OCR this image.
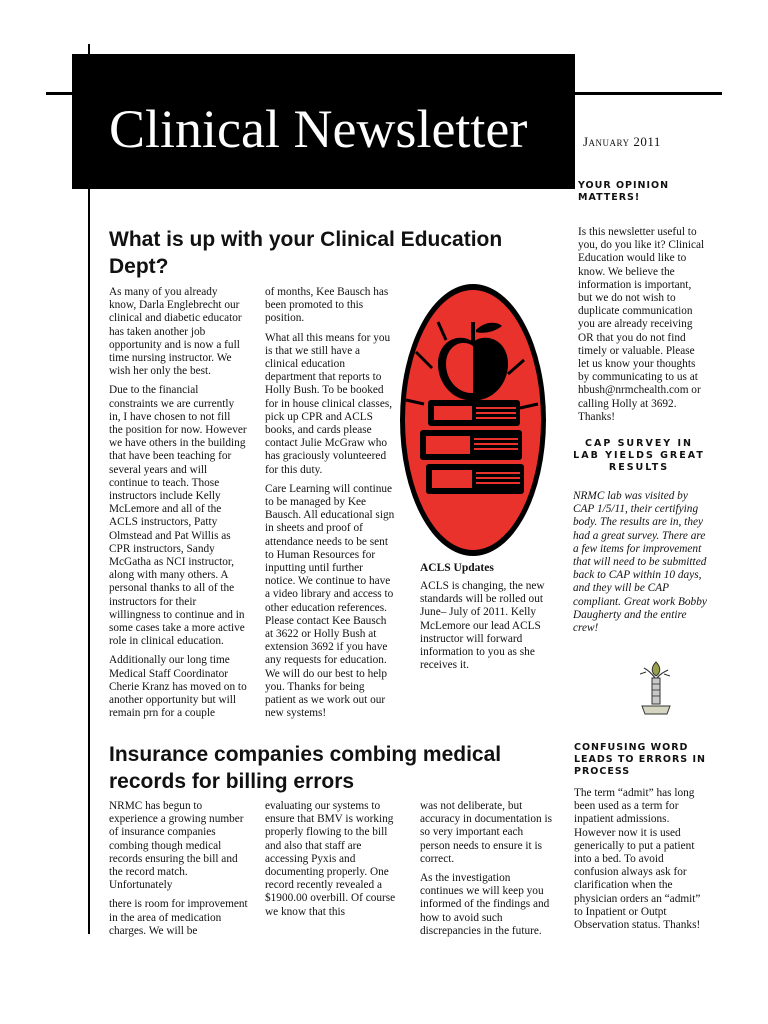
Clinical Newsletter	January 2011
What is up with your Clinical Education Dept?

As many of you already know, Darla Englebrecht our clinical and diabetic educator has taken another job opportunity and is now a full time nursing instructor. We wish her only the best.

Due to the financial constraints we are currently in, I have chosen to not fill the position for now. However we have others in the building that have been teaching for several years and will continue to teach. Those instructors include Kelly McLemore and all of the ACLS instructors, Patty Olmstead and Pat Willis as CPR instructors, Sandy McGatha as NCI instructor, along with many others. A personal thanks to all of the instructors for their willingness to continue and in some cases take a more active role in clinical education.

Additionally our long time Medical Staff Coordinator Cherie Kranz has moved on to another opportunity but will remain prn for a couple

of months, Kee Bausch has been promoted to this position.

What all this means for you is that we still have a clinical education department that reports to Holly Bush. To be booked for in house clinical classes, pick up CPR and ACLS books, and cards please contact Julie McGraw who has graciously volunteered for this duty.

Care Learning will continue to be managed by Kee Bausch. All educational sign in sheets and proof of attendance needs to be sent to Human Resources for inputting until further notice. We continue to have a video library and access to other education references. Please contact Kee Bausch at 3622 or Holly Bush at extension 3692 if you have any requests for education. We will do our best to help you. Thanks for being patient as we work out our new systems!

ACLS Updates
ACLS is changing, the new standards will be rolled out June– July of 2011. Kelly McLemore our lead ACLS instructor will forward information to you as she receives it.
Insurance companies combing medical records for billing errors

NRMC has begun to experience a growing number of insurance companies combing though medical records ensuring the bill and the record match. Unfortunately

there is room for improvement in the area of medication charges. We will be

evaluating our systems to ensure that BMV is working properly flowing to the bill and also that staff are accessing Pyxis and documenting properly. One record recently revealed a $1900.00 overbill. Of course we know that this

was not deliberate, but accuracy in documentation is so very important each person needs to ensure it is correct.

As the investigation continues we will keep you informed of the findings and how to avoid such discrepancies in the future.

YOUR OPINION MATTERS!
Is this newsletter useful to you, do you like it? Clinical Education would like to know. We believe the information is important, but we do not wish to duplicate communication you are already receiving OR that you do not find timely or valuable. Please let us know your thoughts by communicating to us at hbush@nrmchealth.com or calling Holly at 3692. Thanks!
CAP SURVEY IN LAB YIELDS GREAT RESULTS
NRMC lab was visited by CAP 1/5/11, their certifying body. The results are in, they had a great survey. There are a few items for improvement that will need to be submitted back to CAP within 10 days, and they will be CAP compliant. Great work Bobby Daugherty and the entire crew!
CONFUSING WORD LEADS TO ERRORS IN PROCESS
The term “admit” has long been used as a term for inpatient admissions. However now it is used generically to put a patient into a bed. To avoid confusion always ask for clarification when the physician orders an “admit” to Inpatient or Outpt Observation status. Thanks!
